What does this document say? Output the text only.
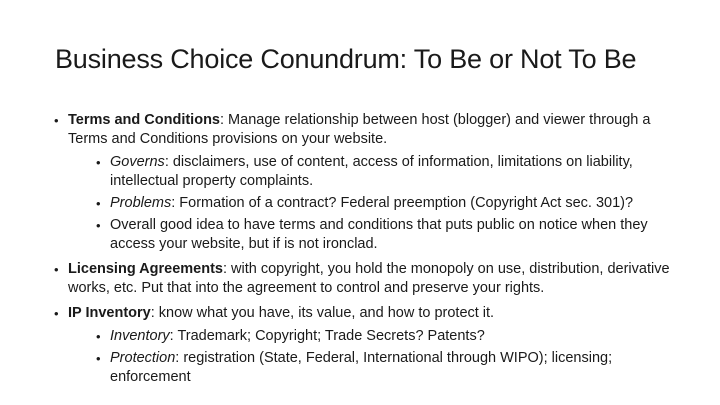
Business Choice Conundrum: To Be or Not To Be
• Terms and Conditions: Manage relationship between host (blogger) and viewer through a Terms and Conditions provisions on your website.
• Governs: disclaimers, use of content, access of information, limitations on liability, intellectual property complaints.
• Problems: Formation of a contract? Federal preemption (Copyright Act sec. 301)?
• Overall good idea to have terms and conditions that puts public on notice when they access your website, but if is not ironclad.
• Licensing Agreements: with copyright, you hold the monopoly on use, distribution, derivative works, etc. Put that into the agreement to control and preserve your rights.
• IP Inventory: know what you have, its value, and how to protect it.
• Inventory: Trademark; Copyright; Trade Secrets? Patents?
• Protection: registration (State, Federal, International through WIPO); licensing; enforcement
